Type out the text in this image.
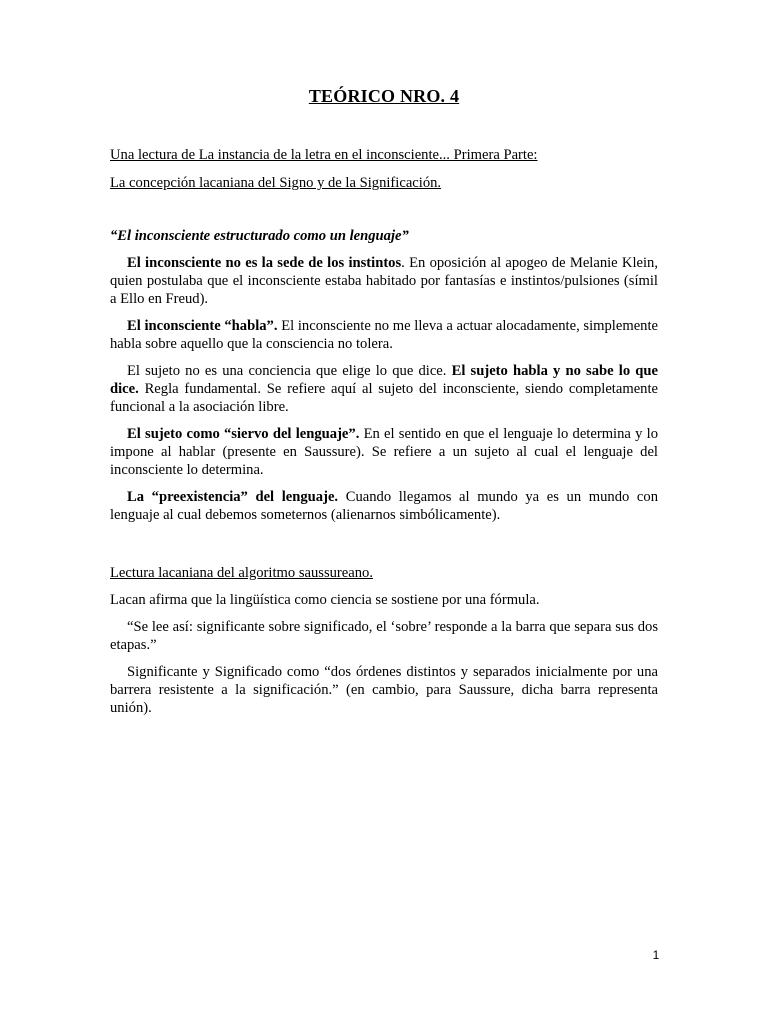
TEÓRICO NRO. 4
Una lectura de La instancia de la letra en el inconsciente... Primera Parte:
La concepción lacaniana del Signo y de la Significación.
“El inconsciente estructurado como un lenguaje”

El inconsciente no es la sede de los instintos. En oposición al apogeo de Melanie Klein, quien postulaba que el inconsciente estaba habitado por fantasías e instintos/pulsiones (símil a Ello en Freud).

El inconsciente “habla”. El inconsciente no me lleva a actuar alocadamente, simplemente habla sobre aquello que la consciencia no tolera.

El sujeto no es una conciencia que elige lo que dice. El sujeto habla y no sabe lo que dice. Regla fundamental. Se refiere aquí al sujeto del inconsciente, siendo completamente funcional a la asociación libre.

El sujeto como “siervo del lenguaje”. En el sentido en que el lenguaje lo determina y lo impone al hablar (presente en Saussure). Se refiere a un sujeto al cual el lenguaje del inconsciente lo determina.

La “preexistencia” del lenguaje. Cuando llegamos al mundo ya es un mundo con lenguaje al cual debemos someternos (alienarnos simbólicamente).

Lectura lacaniana del algoritmo saussureano.

Lacan afirma que la lingüística como ciencia se sostiene por una fórmula.

“Se lee así: significante sobre significado, el ‘sobre’ responde a la barra que separa sus dos etapas.”

Significante y Significado como “dos órdenes distintos y separados inicialmente por una barrera resistente a la significación.” (en cambio, para Saussure, dicha barra representa unión).

1
